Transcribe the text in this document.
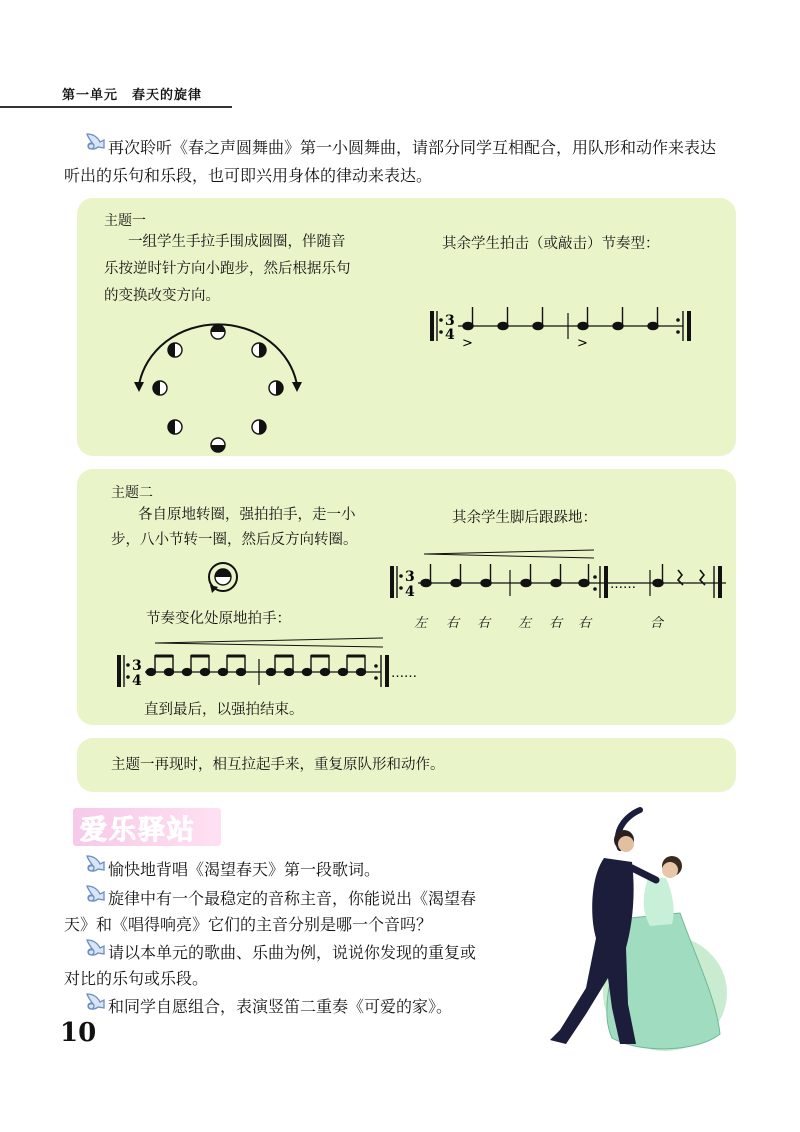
第一单元　春天的旋律
再次聆听《春之声圆舞曲》第一小圆舞曲，请部分同学互相配合，用队形和动作来表达
听出的乐句和乐段，也可即兴用身体的律动来表达。
主题一
一组学生手拉手围成圆圈，伴随音
乐按逆时针方向小跑步，然后根据乐句
的变换改变方向。
其余学生拍击（或敲击）节奏型：
3
4
>	>
主题二
各自原地转圈，强拍拍手，走一小
步，八小节转一圈，然后反方向转圈。
其余学生脚后跟跺地：
节奏变化处原地拍手：
3
4	……
左 右 右 左 右 右	合
3
4	……
直到最后，以强拍结束。
主题一再现时，相互拉起手来，重复原队形和动作。
爱乐驿站
愉快地背唱《渴望春天》第一段歌词。
旋律中有一个最稳定的音称主音，你能说出《渴望春
天》和《唱得响亮》它们的主音分别是哪一个音吗？
请以本单元的歌曲、乐曲为例，说说你发现的重复或
对比的乐句或乐段。
和同学自愿组合，表演竖笛二重奏《可爱的家》。
10
